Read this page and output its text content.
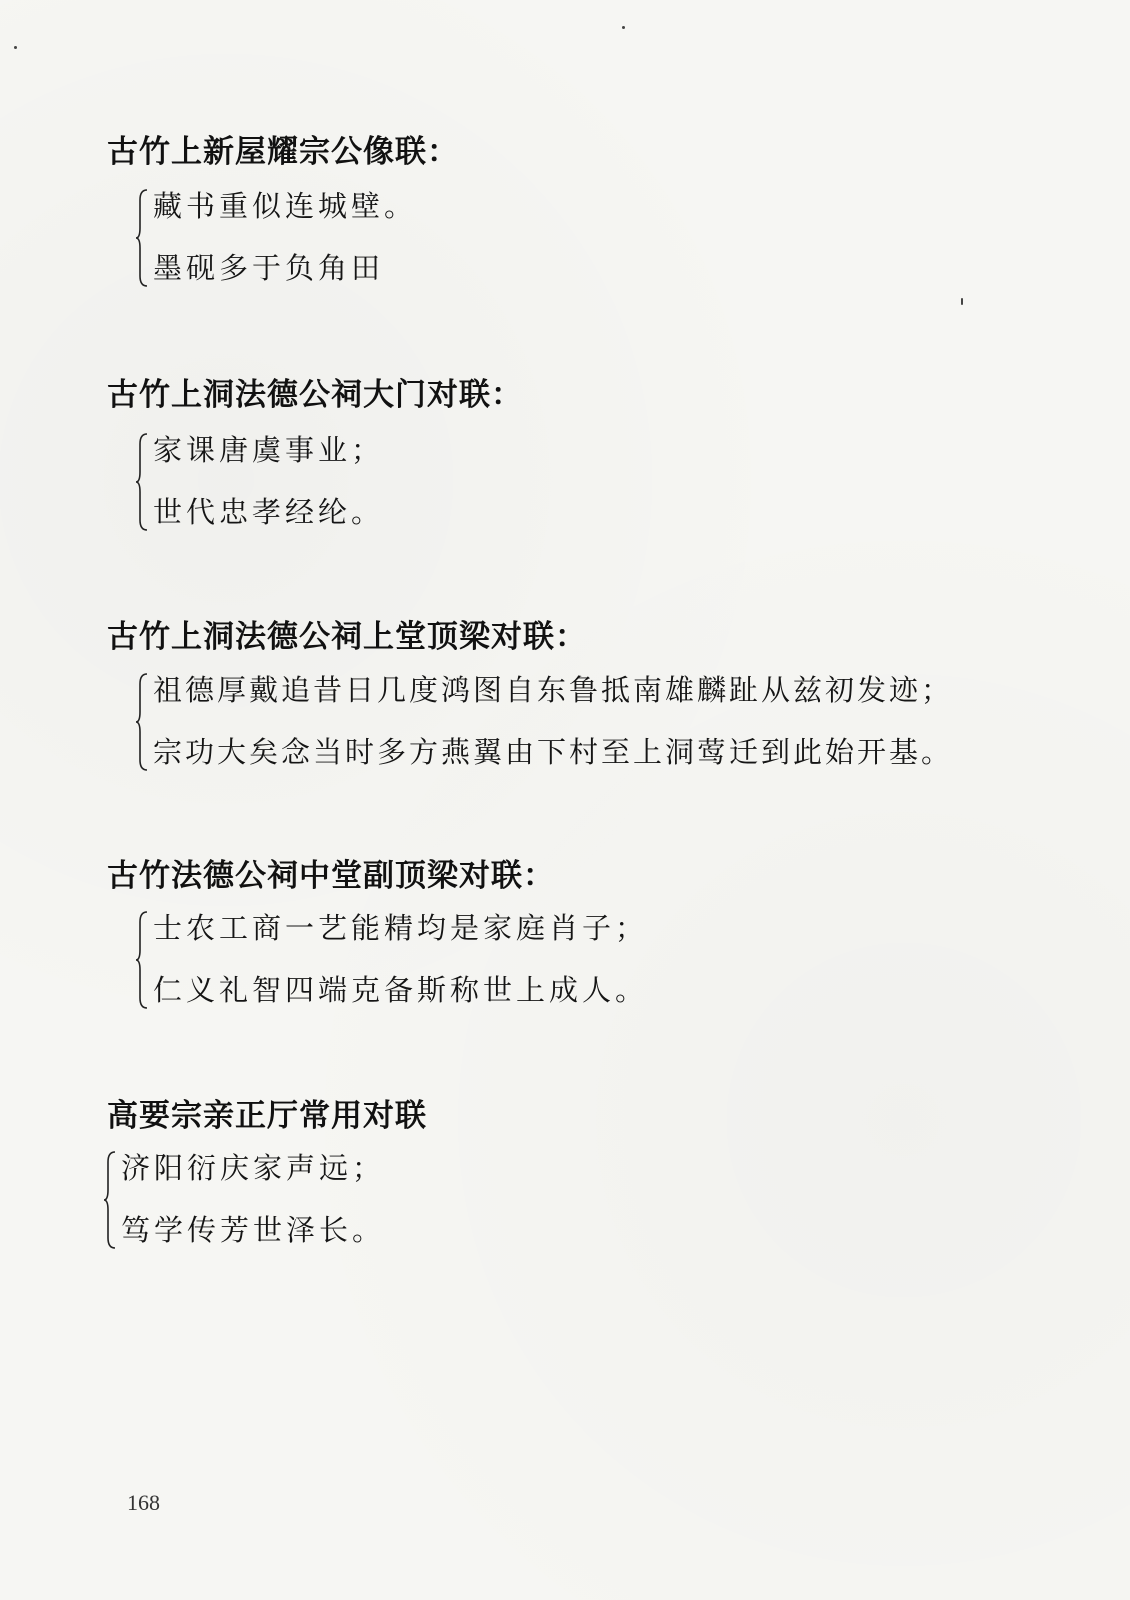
古竹上新屋耀宗公像联：
藏书重似连城壁。
墨砚多于负角田
古竹上洞法德公祠大门对联：
家课唐虞事业；
世代忠孝经纶。
古竹上洞法德公祠上堂顶梁对联：
祖德厚戴追昔日几度鸿图自东鲁抵南雄麟趾从兹初发迹；
宗功大矣念当时多方燕翼由下村至上洞莺迁到此始开基。
古竹法德公祠中堂副顶梁对联：
士农工商一艺能精均是家庭肖子；
仁义礼智四端克备斯称世上成人。
高要宗亲正厅常用对联
济阳衍庆家声远；
笃学传芳世泽长。
168
